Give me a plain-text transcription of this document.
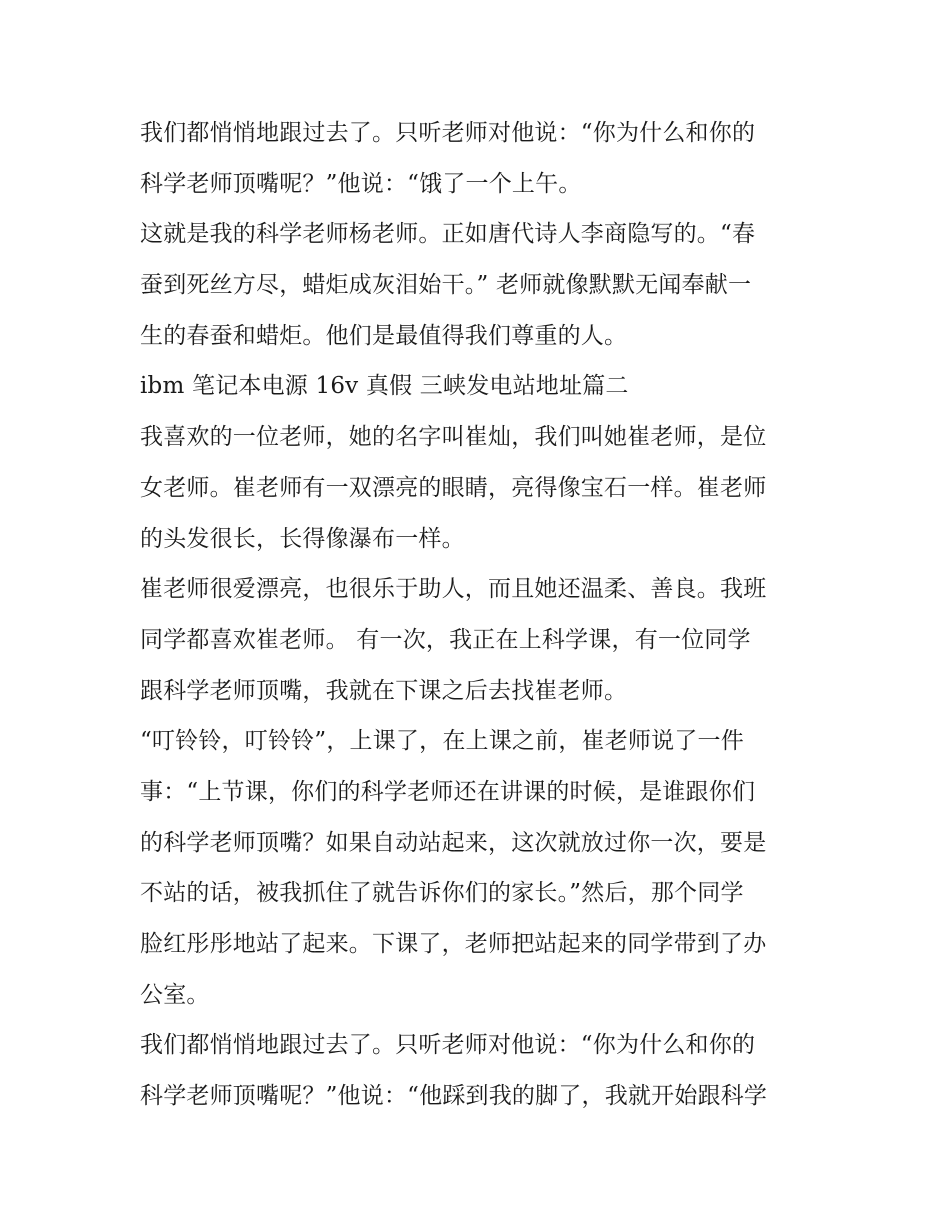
我们都悄悄地跟过去了。只听老师对他说：“你为什么和你的
科学老师顶嘴呢？”他说：“饿了一个上午。
这就是我的科学老师杨老师。正如唐代诗人李商隐写的。“春
蚕到死丝方尽，蜡炬成灰泪始干。” 老师就像默默无闻奉献一
生的春蚕和蜡炬。他们是最值得我们尊重的人。
ibm 笔记本电源 16v 真假 三峡发电站地址篇二
我喜欢的一位老师，她的名字叫崔灿，我们叫她崔老师，是位
女老师。崔老师有一双漂亮的眼睛，亮得像宝石一样。崔老师
的头发很长，长得像瀑布一样。
崔老师很爱漂亮，也很乐于助人，而且她还温柔、善良。我班
同学都喜欢崔老师。 有一次，我正在上科学课，有一位同学
跟科学老师顶嘴，我就在下课之后去找崔老师。
“叮铃铃，叮铃铃”，上课了，在上课之前，崔老师说了一件
事：“上节课，你们的科学老师还在讲课的时候，是谁跟你们
的科学老师顶嘴？如果自动站起来，这次就放过你一次，要是
不站的话，被我抓住了就告诉你们的家长。”然后，那个同学
脸红彤彤地站了起来。下课了，老师把站起来的同学带到了办
公室。
我们都悄悄地跟过去了。只听老师对他说：“你为什么和你的
科学老师顶嘴呢？”他说：“他踩到我的脚了，我就开始跟科学
